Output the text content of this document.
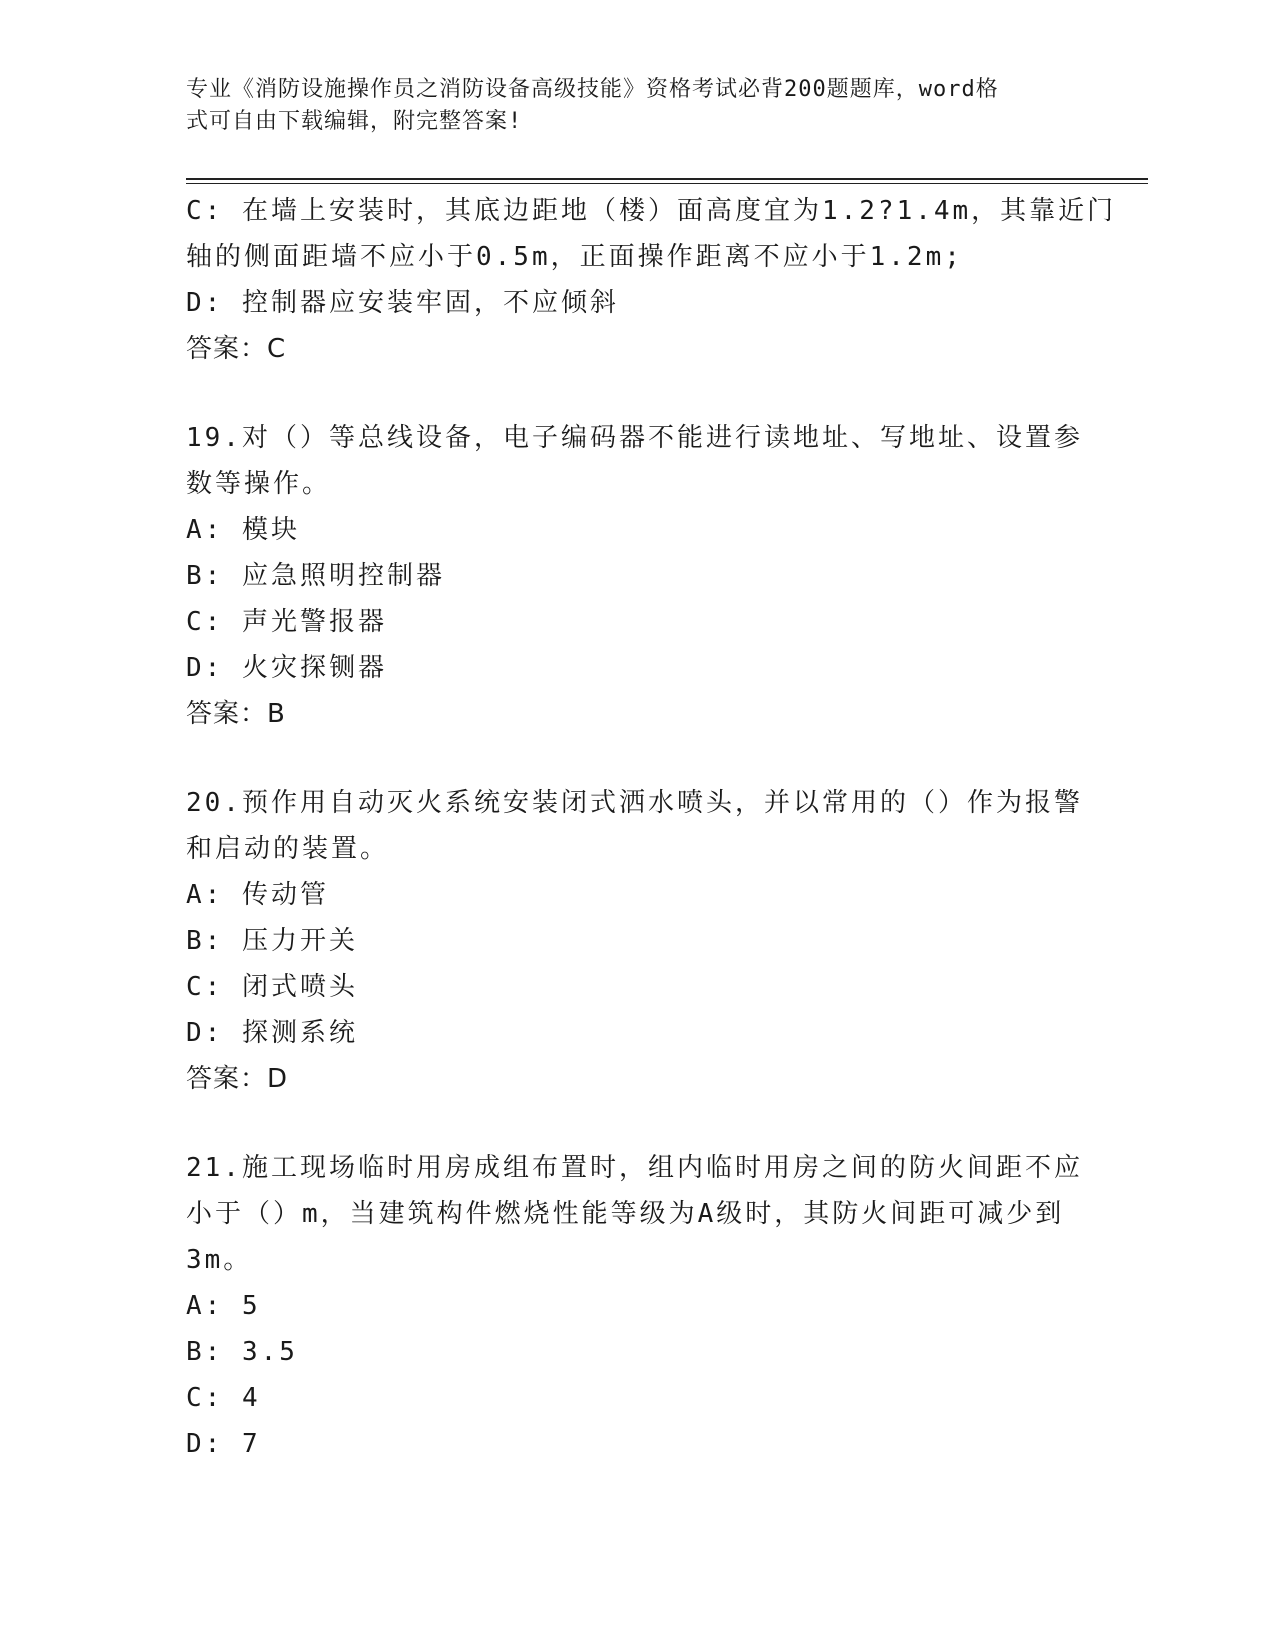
专业《消防设施操作员之消防设备高级技能》资格考试必背200题题库，word格
式可自由下载编辑，附完整答案!
C: 在墙上安装时，其底边距地（楼）面高度宜为1.2?1.4m，其靠近门
轴的侧面距墙不应小于0.5m，正面操作距离不应小于1.2m;
D: 控制器应安装牢固，不应倾斜
答案：C
19.对（）等总线设备，电子编码器不能进行读地址、写地址、设置参
数等操作。
A: 模块
B: 应急照明控制器
C: 声光警报器
D: 火灾探铡器
答案：B
20.预作用自动灭火系统安装闭式洒水喷头，并以常用的（）作为报警
和启动的装置。
A: 传动管
B: 压力开关
C: 闭式喷头
D: 探测系统
答案：D
21.施工现场临时用房成组布置时，组内临时用房之间的防火间距不应
小于（）m，当建筑构件燃烧性能等级为A级时，其防火间距可减少到
3m。
A: 5
B: 3.5
C: 4
D: 7
